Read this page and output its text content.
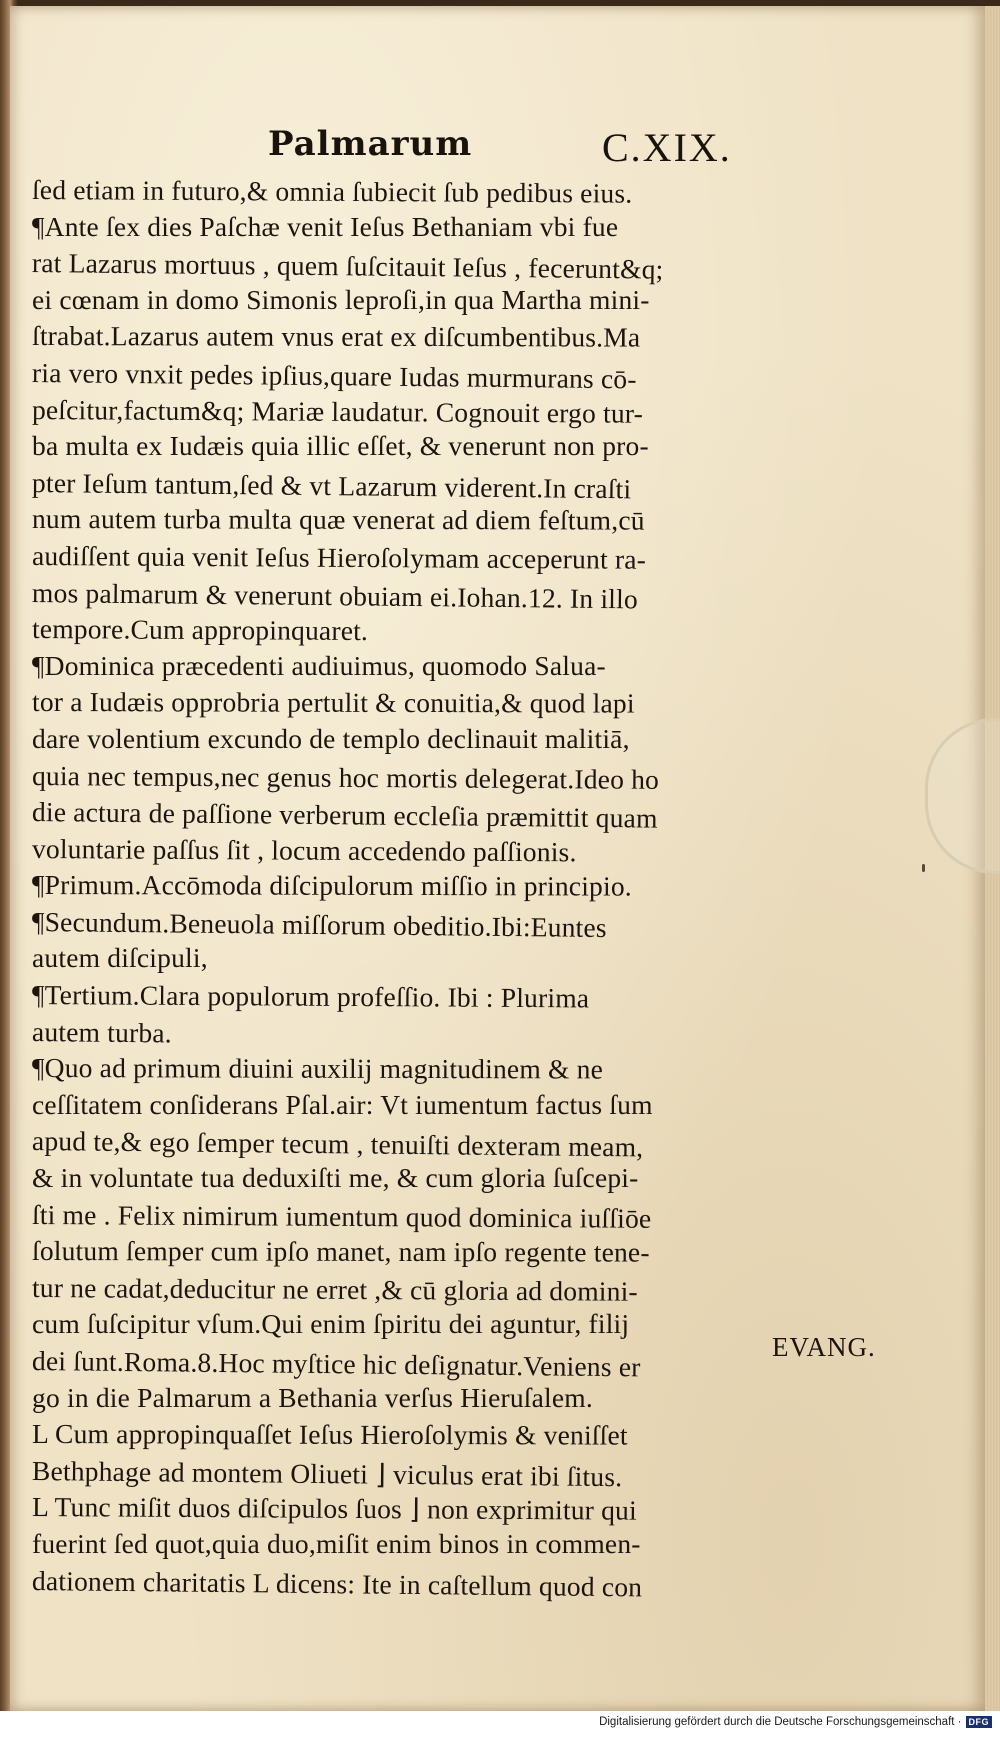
Palmarum	C.XIX.
ſed etiam in futuro,& omnia ſubiecit ſub pedibus eius.
¶Ante ſex dies Paſchæ venit Ieſus Bethaniam vbi fue
rat Lazarus mortuus , quem ſuſcitauit Ieſus , fecerunt&q;
ei cœnam in domo Simonis leproſi,in qua Martha mini-
ſtrabat.Lazarus autem vnus erat ex diſcumbentibus.Ma
ria vero vnxit pedes ipſius,quare Iudas murmurans cō-
peſcitur,factum&q; Mariæ laudatur. Cognouit ergo tur-
ba multa ex Iudæis quia illic eſſet, & venerunt non pro-
pter Ieſum tantum,ſed & vt Lazarum viderent.In craſti
num autem turba multa quæ venerat ad diem feſtum,cū
audiſſent quia venit Ieſus Hieroſolymam acceperunt ra-
mos palmarum & venerunt obuiam ei.Iohan.12. In illo
tempore.Cum appropinquaret.
¶Dominica præcedenti audiuimus, quomodo Salua-
tor a Iudæis opprobria pertulit & conuitia,& quod lapi
dare volentium excundo de templo declinauit malitiā,
quia nec tempus,nec genus hoc mortis delegerat.Ideo ho
die actura de paſſione verberum eccleſia præmittit quam
voluntarie paſſus ſit , locum accedendo paſſionis.
¶Primum.Accōmoda diſcipulorum miſſio in principio.
¶Secundum.Beneuola miſſorum obeditio.Ibi:Euntes
autem diſcipuli,
¶Tertium.Clara populorum profeſſio. Ibi : Plurima
autem turba.
¶Quo ad primum diuini auxilij magnitudinem & ne
ceſſitatem conſiderans Pſal.air: Vt iumentum factus ſum
apud te,& ego ſemper tecum , tenuiſti dexteram meam,
& in voluntate tua deduxiſti me, & cum gloria ſuſcepi-
ſti me . Felix nimirum iumentum quod dominica iuſſiōe
ſolutum ſemper cum ipſo manet, nam ipſo regente tene-
tur ne cadat,deducitur ne erret ,& cū gloria ad domini-
cum ſuſcipitur vſum.Qui enim ſpiritu dei aguntur, filij
dei ſunt.Roma.8.Hoc myſtice hic deſignatur.Veniens er
go in die Palmarum a Bethania verſus Hieruſalem.
L Cum appropinquaſſet Ieſus Hieroſolymis & veniſſet
Bethphage ad montem Oliueti ⌋ viculus erat ibi ſitus.
L Tunc miſit duos diſcipulos ſuos ⌋ non exprimitur qui
fuerint ſed quot,quia duo,miſit enim binos in commen-
dationem charitatis L dicens: Ite in caſtellum quod con
EVANG.
Digitalisierung gefördert durch die Deutsche Forschungsgemeinschaft · DFG
